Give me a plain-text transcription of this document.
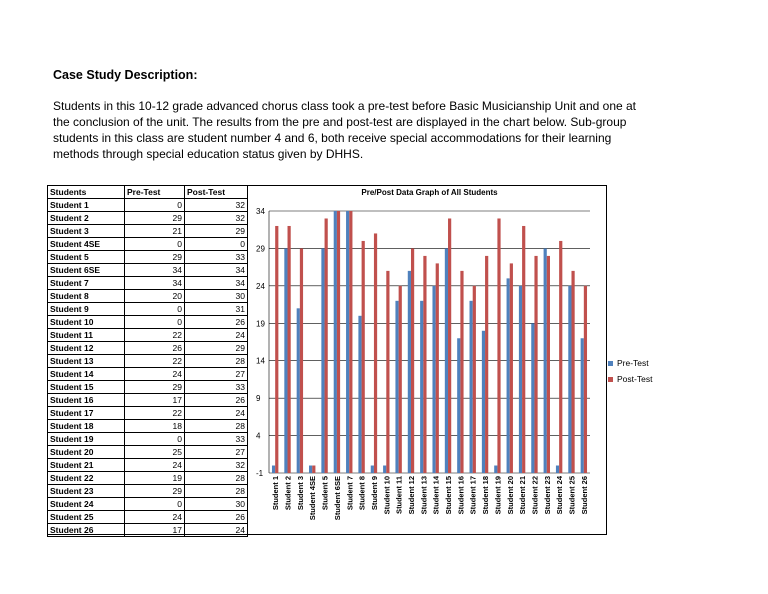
Case Study Description:
Students in this 10-12 grade advanced chorus class took a pre-test before Basic Musicianship Unit and one at the conclusion of the unit. The results from the pre and post-test are displayed in the chart below. Sub-group students in this class are student number 4 and 6, both receive special accommodations for their learning methods through special education status given by DHHS.
Students	Pre-Test	Post-Test
Student 1	0	32
Student 2	29	32
Student 3	21	29
Student 4SE	0	0
Student 5	29	33
Student 6SE	34	34
Student 7	34	34
Student 8	20	30
Student 9	0	31
Student 10	0	26
Student 11	22	24
Student 12	26	29
Student 13	22	28
Student 14	24	27
Student 15	29	33
Student 16	17	26
Student 17	22	24
Student 18	18	28
Student 19	0	33
Student 20	25	27
Student 21	24	32
Student 22	19	28
Student 23	29	28
Student 24	0	30
Student 25	24	26
Student 26	17	24
Pre/Post Data Graph of All Students
-1
4
9
14
19
24
29
34
Student 1 Student 2 Student 3 Student 4SE Student 5 Student 6SE Student 7 Student 8 Student 9 Student 10 Student 11 Student 12 Student 13 Student 14 Student 15 Student 16 Student 17 Student 18 Student 19 Student 20 Student 21 Student 22 Student 23 Student 24 Student 25 Student 26
Pre-Test
Post-Test
